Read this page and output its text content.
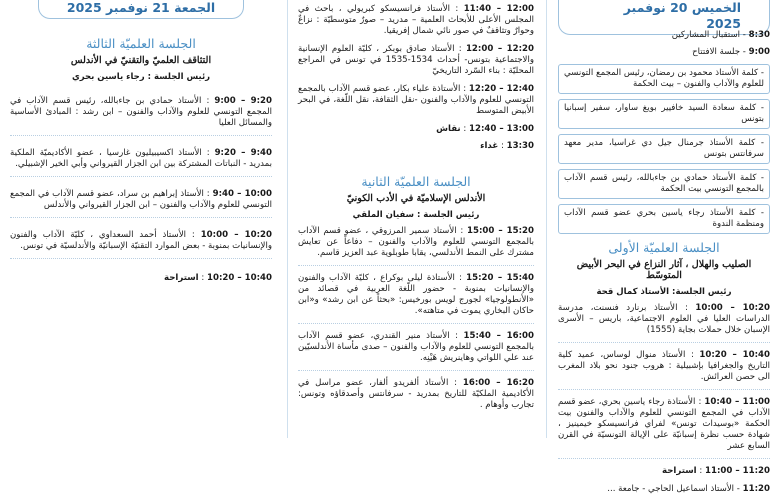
الخميس 20 نوفمبر 2025
8:30 - استقبال المشاركين
9:00 - جلسة الافتتاح
- كلمة الأستاذ محمود بن رمضان، رئيس المجمع التونسي للعلوم والآداب والفنون – بيت الحكمة
- كلمة سعادة السيد خافيير بويغ ساوار، سفير إسبانيا بتونس
- كلمة الأستاذ جرمنال جيل دي غراسيا، مدير معهد سرفانتس بتونس
- كلمة الأستاذ حمادي بن جاءبالله، رئيس قسم الآداب بالمجمع التونسي بيت الحكمة
- كلمة الأستاذ رجاء ياسين بحري عضو قسم الآداب ومنظمة الندوة
الجلسة العلميّة الأولى
الصليب والهلال ، آثار النزاع في البحر الأبيض المتوسّط
رئيس الجلسة: الأستاذ كمال قحة
10:00 – 10:20 : الأستاذ برنارد فنسنت، مدرسة الدراسات العليا في العلوم الاجتماعية، باريس – الأسرى الإسبان خلال حملات بجاية (1555)
10:20 – 10:40 : الأستاذ منوال لوساس، عميد كلية التاريخ والجغرافيا بإشبيلية : هروب جنود نحو بلاد المغرب الى حصن العرائش.
10:40 – 11:00 : الأستاذة رجاء ياسين بحري، عضو قسم الآداب في المجمع التونسي للعلوم والآداب والفنون بيت الحكمة «بوسيدات تونس» لفراي فرانسيسكو خيمينيز ، شهادة حسب نظرة إسبانيّة على الإيالة التونسيّة في القرن السابع عشر
11:00 – 11:20 : استراحة
11:20 - الأستاذ اسماعيل الحاجي - جامعة ...
11:40 – 12:00 : الأستاذ فرانسيسكو كبريولي ، باحث في المجلس الأعلى للأبحاث العلمية – مدريد – صورٌ متوسطيّة : نزاعٌ وحوارٌ وتثاقفٌ في صور نائي شمال إفريقيا.
12:00 – 12:20 : الأستاذ صادق بوبكر ، كليّة العلوم الإنسانية والاجتماعية بتونس- أحداث 1534-1535 في تونس في المراجع المحليّة : بناء السّرد التاريخيّ
12:20 – 12:40 : الأستاذة علياء بكار، عضو قسم الآداب بالمجمع التونسي للعلوم والآداب والفنون -نقل الثقافة، نقل اللّغة، في البحر الأبيض المتوسط
12:40 – 13:00 : نقاش
13:30 : غداء
الجلسة العلميّة الثانية
الأندلس الإسلاميّة في الأدب الكونيّ
رئيس الجلسة : سفيان الملقي
15:00 – 15:20 : الأستاذ سمير المرزوقي ، عضو قسم الآداب بالمجمع التونسي للعلوم والآداب والفنون – دفاعاً عن تعايش مشترك على النمط الأندلسي، يقابا طوبلوية عبد العزيز قاسم.
15:20 – 15:40 : الأستاذة ليلى بوكراع ، كليّة الآداب والفنون والإنسانيات بمنوبة - حضور اللّغة العربية في قصائد من «الأنطولوجيا» لجورج لويس بورخيس: «بحثاً عن ابن رشد» و«ابن حاكان البخاري يموت في متاهته».
15:40 – 16:00 : الأستاذ منير القندري، عضو قسم الآداب بالمجمع التونسي للعلوم والآداب والفنون – صدى مأساة الأندلسيّين عند علي اللواتي وهاينريش هَيْنِه.
16:00 – 16:20 : الأستاذ ألفريدو ألفار، عضو مراسل في الأكاديمية الملكيّة للتاريخ بمدريد - سرفانتس وأصدقاؤه وتونس: تجارب وأوهام .
الجمعة 21 نوفمبر 2025
الجلسة العلميّة الثالثة
التثاقف العلميّ والتقنيّ في الأندلس
رئيس الجلسة : رجاء ياسين بحري
9:00 – 9:20 : الأستاذ حمادي بن جاءبالله، رئيس قسم الآداب في المجمع التونسي للعلوم والآداب والفنون – ابن رشد : المبادئ الأساسية والمسائل العليا
9:20 – 9:40 : الأستاذ اكسيبيليون غارسيا ، عضو الأكاديميّة الملكية بمدريد - النباتات المشتركة بين ابن الجزار القيرواني وأبي الخير الإشبيلي.
9:40 – 10:00 : الأستاذ إبراهيم بن سراد، عضو قسم الآداب في المجمع التونسي للعلوم والآداب والفنون – ابن الجزار القيرواني والأندلس
10:00 – 10:20 : الأستاذ أحمد السعداوي ، كليّة الآداب والفنون والإنسانيات بمنوبة - بعض الموارد التقنيّة الإسبانيّة والأندلسيّة في تونس.
10:20 – 10:40 : استراحة
